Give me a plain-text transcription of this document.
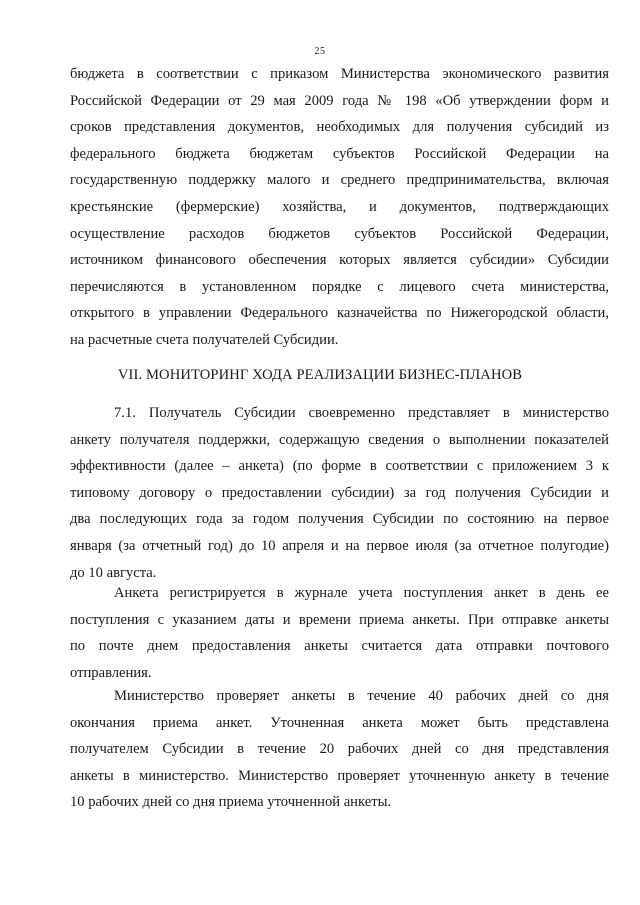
25
бюджета в соответствии с приказом Министерства экономического развития
Российской Федерации от 29 мая 2009 года № 198 «Об утверждении форм и
сроков представления документов, необходимых для получения субсидий из
федерального бюджета бюджетам субъектов Российской Федерации на
государственную поддержку малого и среднего предпринимательства, включая
крестьянские (фермерские) хозяйства, и документов, подтверждающих
осуществление расходов бюджетов субъектов Российской Федерации,
источником финансового обеспечения которых является субсидии» Субсидии
перечисляются в установленном порядке с лицевого счета министерства,
открытого в управлении Федерального казначейства по Нижегородской области,
на расчетные счета получателей Субсидии.
VII. МОНИТОРИНГ ХОДА РЕАЛИЗАЦИИ БИЗНЕС-ПЛАНОВ
7.1. Получатель Субсидии своевременно представляет в министерство
анкету получателя поддержки, содержащую сведения о выполнении показателей
эффективности (далее – анкета) (по форме в соответствии с приложением 3 к
типовому договору о предоставлении субсидии) за год получения Субсидии и
два последующих года за годом получения Субсидии по состоянию на первое
января (за отчетный год) до 10 апреля и на первое июля (за отчетное полугодие)
до 10 августа.
Анкета регистрируется в журнале учета поступления анкет в день ее
поступления с указанием даты и времени приема анкеты. При отправке анкеты
по почте днем предоставления анкеты считается дата отправки почтового
отправления.
Министерство проверяет анкеты в течение 40 рабочих дней со дня
окончания приема анкет. Уточненная анкета может быть представлена
получателем Субсидии в течение 20 рабочих дней со дня представления
анкеты в министерство. Министерство проверяет уточненную анкету в течение
10 рабочих дней со дня приема уточненной анкеты.
